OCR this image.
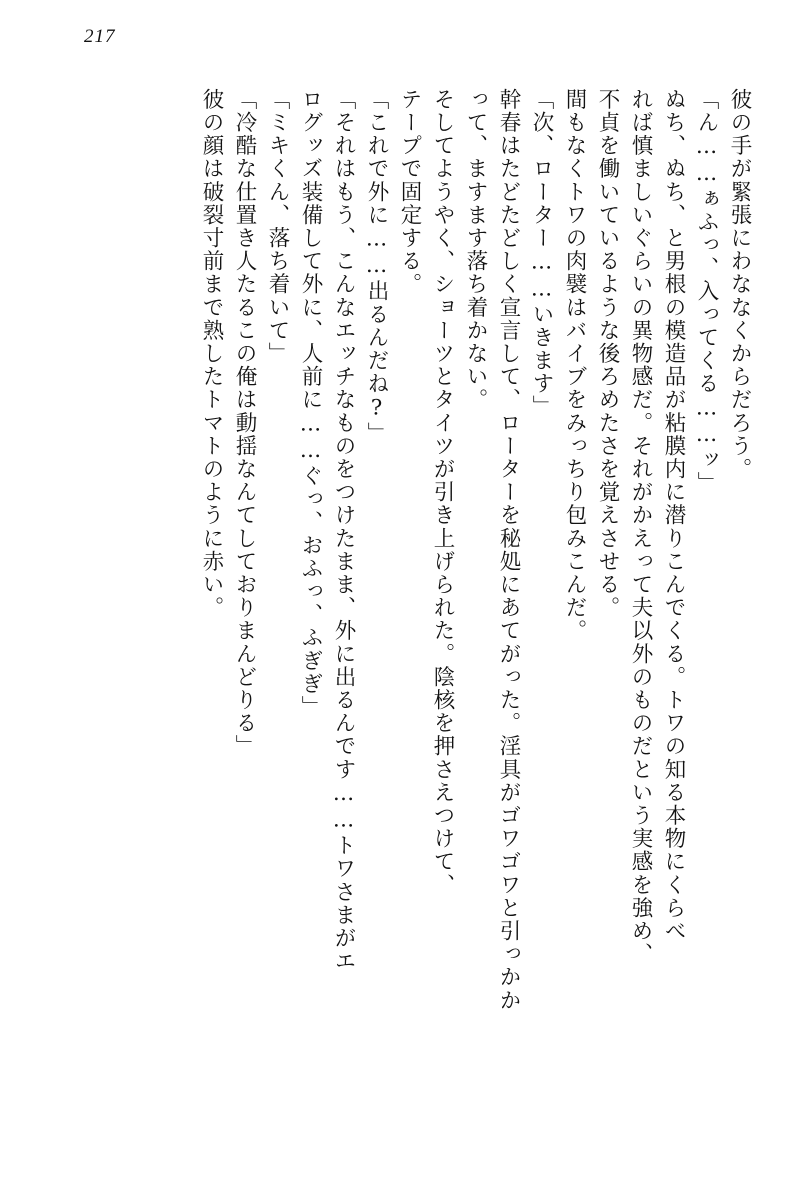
217
彼の手が緊張にわななくからだろう。
「ん……ぁふっ、入ってくる……ッ」
ぬち、ぬち、と男根の模造品が粘膜内に潜りこんでくる。トワの知る本物にくらべ
れば慎ましいぐらいの異物感だ。それがかえって夫以外のものだという実感を強め、
不貞を働いているような後ろめたさを覚えさせる。
間もなくトワの肉襞はバイブをみっちり包みこんだ。
「次、ローター……いきます」
幹春はたどたどしく宣言して、ローターを秘処にあてがった。淫具がゴワゴワと引っかか
って、ますます落ち着かない。
そしてようやく、ショーツとタイツが引き上げられた。陰核を押さえつけて、
テープで固定する。
「これで外に……出るんだね?」
「それはもう、こんなエッチなものをつけたまま、外に出るんです……トワさまがエ
ログッズ装備して外に、人前に……ぐっ、おふっ、ふぎぎ」
「ミキくん、落ち着いて」
「冷酷な仕置き人たるこの俺は動揺なんてしておりまんどりる」
彼の顔は破裂寸前まで熟したトマトのように赤い。
